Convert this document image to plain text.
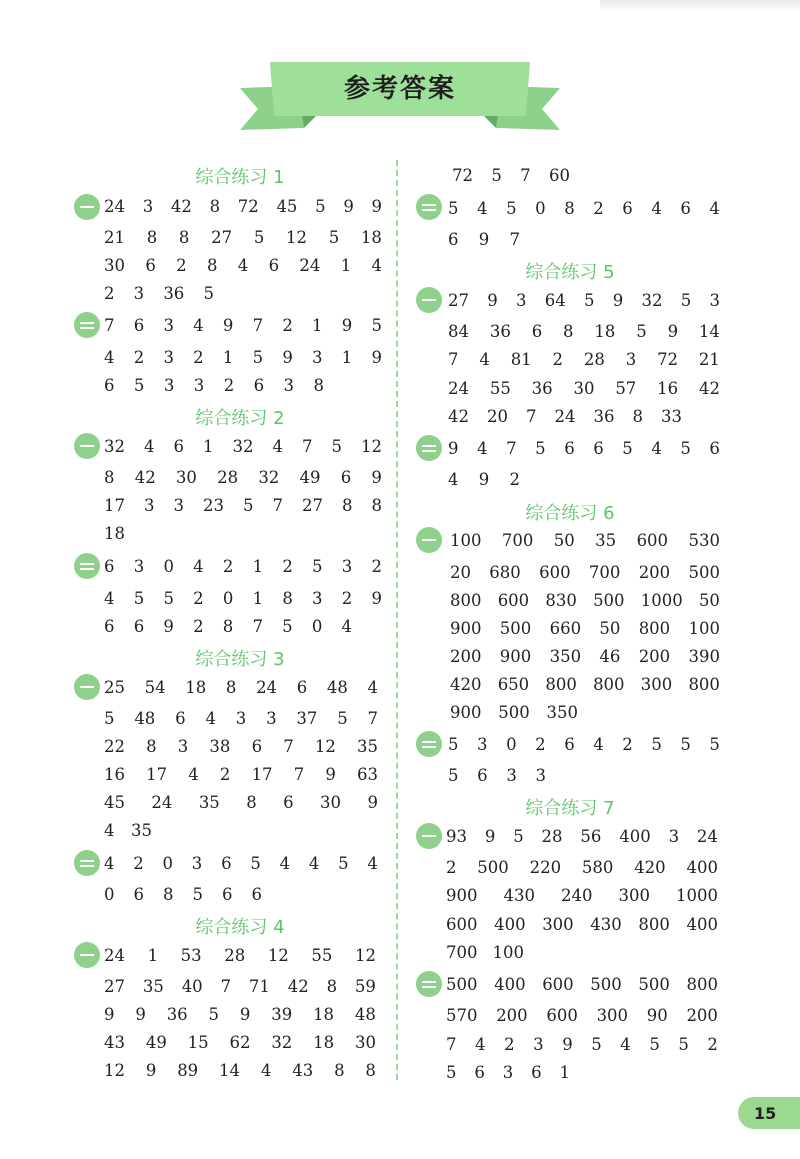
参考答案
综合练习 1
24 3 42 8 72 45 5 9 9
21 8 8 27 5 12 5 18
30 6 2 8 4 6 24 1 4
2 3 36 5
7 6 3 4 9 7 2 1 9 5
4 2 3 2 1 5 9 3 1 9
6 5 3 3 2 6 3 8
综合练习 2
32 4 6 1 32 4 7 5 12
8 42 30 28 32 49 6 9
17 3 3 23 5 7 27 8 8
18
6 3 0 4 2 1 2 5 3 2
4 5 5 2 0 1 8 3 2 9
6 6 9 2 8 7 5 0 4
综合练习 3
25 54 18 8 24 6 48 4
5 48 6 4 3 3 37 5 7
22 8 3 38 6 7 12 35
16 17 4 2 17 7 9 63
45 24 35 8 6 30 9
4 35
4 2 0 3 6 5 4 4 5 4
0 6 8 5 6 6
综合练习 4
24 1 53 28 12 55 12
27 35 40 7 71 42 8 59
9 9 36 5 9 39 18 48
43 49 15 62 32 18 30
12 9 89 14 4 43 8 8
72 5 7 60
5 4 5 0 8 2 6 4 6 4
6 9 7
综合练习 5
27 9 3 64 5 9 32 5 3
84 36 6 8 18 5 9 14
7 4 81 2 28 3 72 21
24 55 36 30 57 16 42
42 20 7 24 36 8 33
9 4 7 5 6 6 5 4 5 6
4 9 2
综合练习 6
100 700 50 35 600 530
20 680 600 700 200 500
800 600 830 500 1000 50
900 500 660 50 800 100
200 900 350 46 200 390
420 650 800 800 300 800
900 500 350
5 3 0 2 6 4 2 5 5 5
5 6 3 3
综合练习 7
93 9 5 28 56 400 3 24
2 500 220 580 420 400
900 430 240 300 1000
600 400 300 430 800 400
700 100
500 400 600 500 500 800
570 200 600 300 90 200
7 4 2 3 9 5 4 5 5 2
5 6 3 6 1
15
